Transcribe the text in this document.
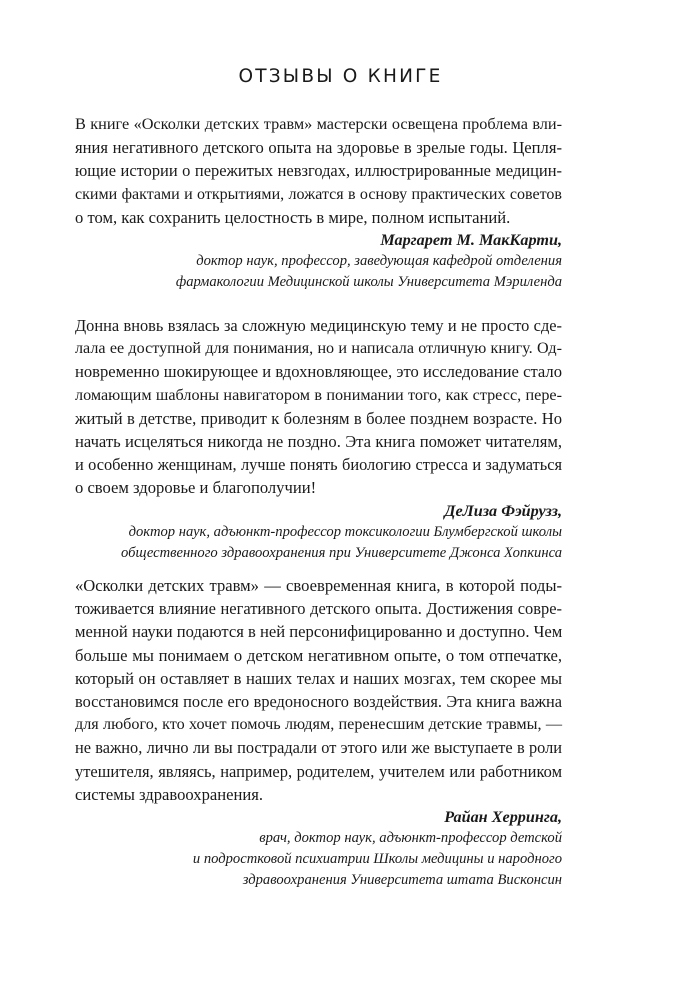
ОТЗЫВЫ О КНИГЕ

В книге «Осколки детских травм» мастерски освещена проблема вли-
яния негативного детского опыта на здоровье в зрелые годы. Цепля-
ющие истории о пережитых невзгодах, иллюстрированные медицин-
скими фактами и открытиями, ложатся в основу практических советов
о том, как сохранить целостность в мире, полном испытаний.

Маргарет М. МакКарти,
доктор наук, профессор, заведующая кафедрой отделения
фармакологии Медицинской школы Университета Мэриленда

Донна вновь взялась за сложную медицинскую тему и не просто сде-
лала ее доступной для понимания, но и написала отличную книгу. Од-
новременно шокирующее и вдохновляющее, это исследование стало
ломающим шаблоны навигатором в понимании того, как стресс, пере-
житый в детстве, приводит к болезням в более позднем возрасте. Но
начать исцеляться никогда не поздно. Эта книга поможет читателям,
и особенно женщинам, лучше понять биологию стресса и задуматься
о своем здоровье и благополучии!

ДеЛиза Фэйрузз,
доктор наук, адъюнкт-профессор токсикологии Блумбергской школы
общественного здравоохранения при Университете Джонса Хопкинса

«Осколки детских травм» — своевременная книга, в которой поды-
тоживается влияние негативного детского опыта. Достижения совре-
менной науки подаются в ней персонифицированно и доступно. Чем
больше мы понимаем о детском негативном опыте, о том отпечатке,
который он оставляет в наших телах и наших мозгах, тем скорее мы
восстановимся после его вредоносного воздействия. Эта книга важна
для любого, кто хочет помочь людям, перенесшим детские травмы, —
не важно, лично ли вы пострадали от этого или же выступаете в роли
утешителя, являясь, например, родителем, учителем или работником
системы здравоохранения.

Райан Херринга,
врач, доктор наук, адъюнкт-профессор детской
и подростковой психиатрии Школы медицины и народного
здравоохранения Университета штата Висконсин
